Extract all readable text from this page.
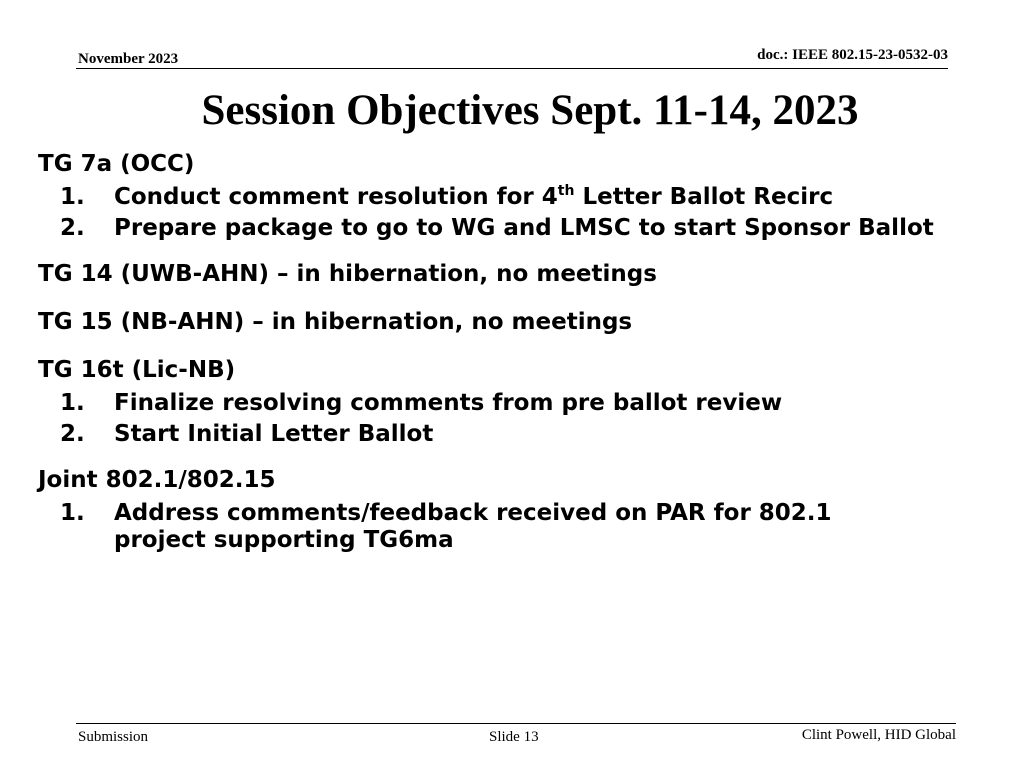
November 2023	doc.: IEEE 802.15-23-0532-03
Session Objectives Sept. 11-14, 2023
TG 7a (OCC)
1. Conduct comment resolution for 4th Letter Ballot Recirc
2. Prepare package to go to WG and LMSC to start Sponsor Ballot
TG 14 (UWB-AHN) – in hibernation, no meetings
TG 15 (NB-AHN) – in hibernation, no meetings
TG 16t (Lic-NB)
1. Finalize resolving comments from pre ballot review
2. Start Initial Letter Ballot
Joint 802.1/802.15
1. Address comments/feedback received on PAR for 802.1 project supporting TG6ma
Submission	Slide 13	Clint Powell, HID Global
